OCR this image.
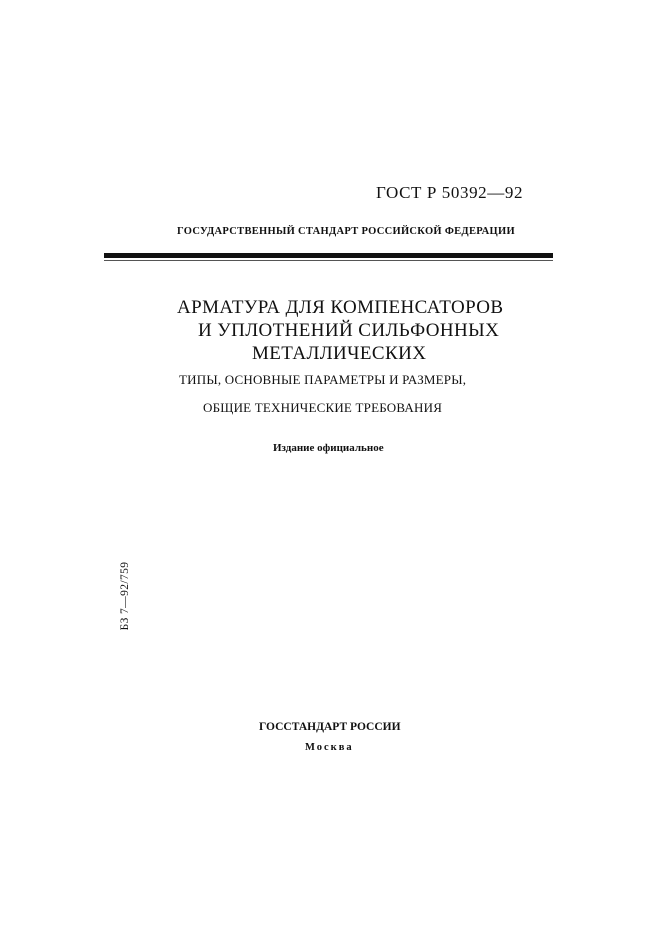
ГОСТ Р 50392—92
ГОСУДАРСТВЕННЫЙ СТАНДАРТ РОССИЙСКОЙ ФЕДЕРАЦИИ
АРМАТУРА ДЛЯ КОМПЕНСАТОРОВ
И УПЛОТНЕНИЙ СИЛЬФОННЫХ
МЕТАЛЛИЧЕСКИХ
ТИПЫ, ОСНОВНЫЕ ПАРАМЕТРЫ И РАЗМЕРЫ,
ОБЩИЕ ТЕХНИЧЕСКИЕ ТРЕБОВАНИЯ
Издание официальное
БЗ 7—92/759
ГОССТАНДАРТ РОССИИ
Москва
